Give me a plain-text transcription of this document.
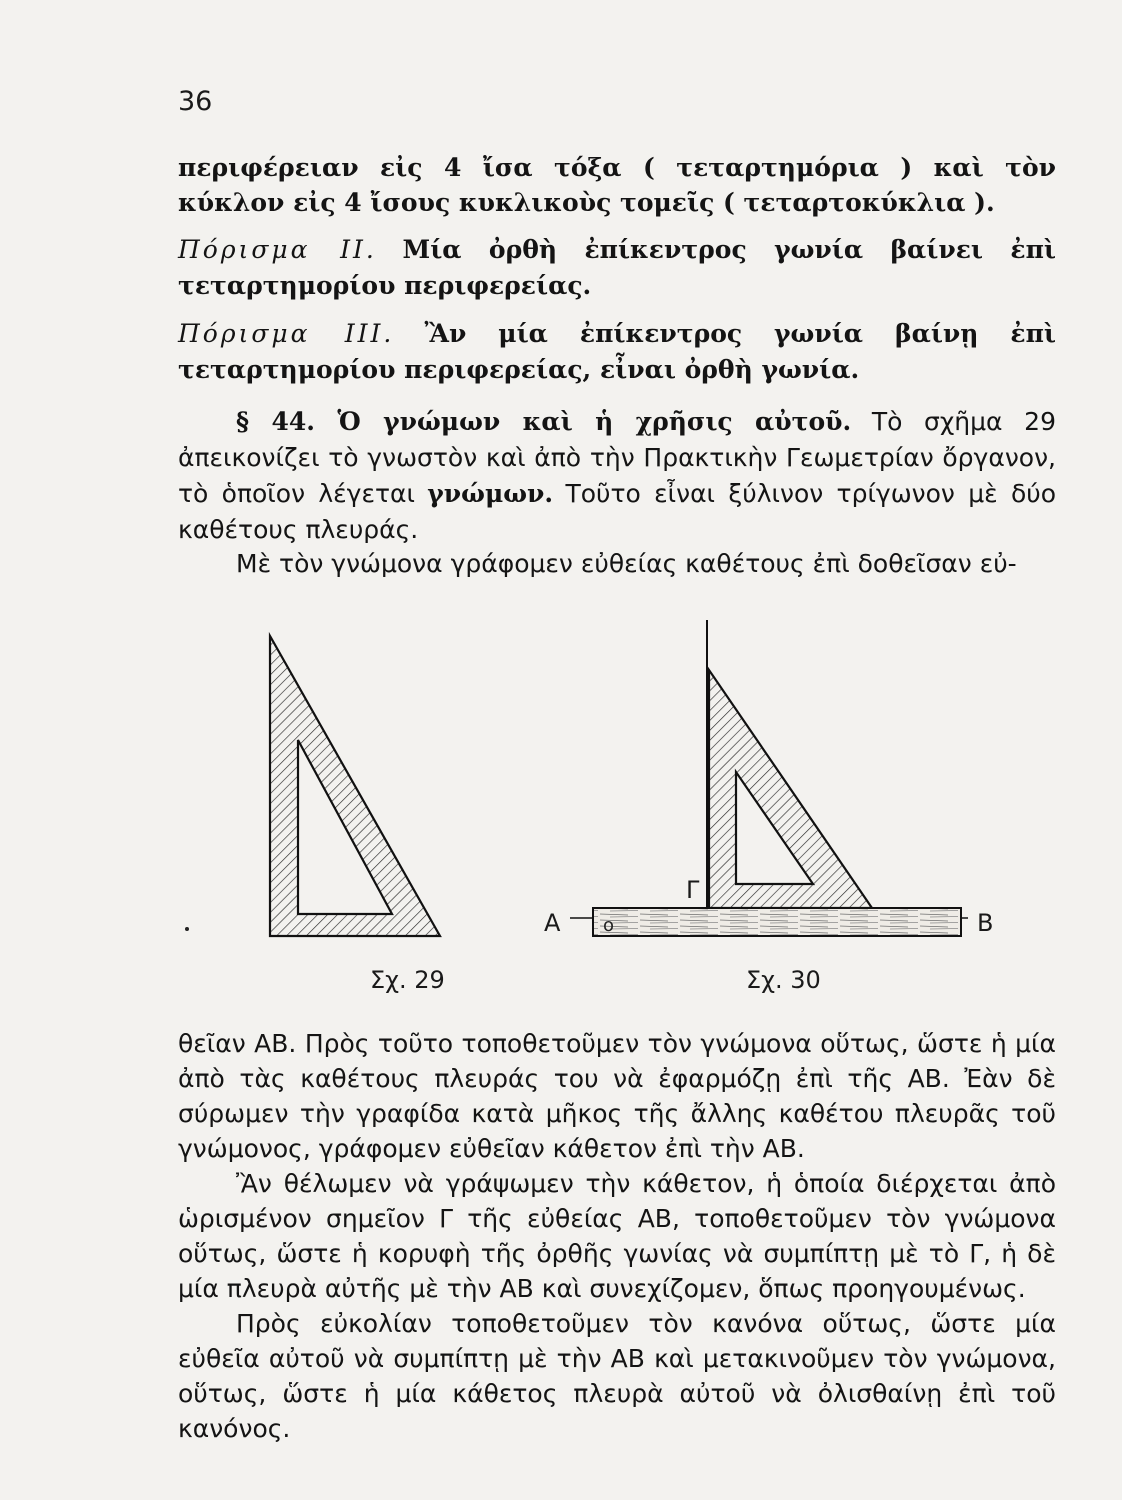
36

περιφέρειαν εἰς 4 ἴσα τόξα ( τεταρτημόρια ) καὶ τὸν κύκλον εἰς 4 ἴσους κυκλικοὺς τομεῖς ( τεταρτοκύκλια ).

Πόρισμα ΙΙ. Μία ὀρθὴ ἐπίκεντρος γωνία βαίνει ἐπὶ τεταρτημορίου περιφερείας.

Πόρισμα ΙΙΙ. Ἂν μία ἐπίκεντρος γωνία βαίνῃ ἐπὶ τεταρτημορίου περιφερείας, εἶναι ὀρθὴ γωνία.

§ 44. Ὁ γνώμων καὶ ἡ χρῆσις αὐτοῦ. Τὸ σχῆμα 29 ἀπεικονίζει τὸ γνωστὸν καὶ ἀπὸ τὴν Πρακτικὴν Γεωμετρίαν ὄργανον, τὸ ὁποῖον λέγεται γνώμων. Τοῦτο εἶναι ξύλινον τρίγωνον μὲ δύο καθέτους πλευράς.

Μὲ τὸν γνώμονα γράφομεν εὐθείας καθέτους ἐπὶ δοθεῖσαν εὐ-

Σχ. 29
o
Α	Β
Γ
Σχ. 30

θεῖαν ΑΒ. Πρὸς τοῦτο τοποθετοῦμεν τὸν γνώμονα οὕτως, ὥστε ἡ μία ἀπὸ τὰς καθέτους πλευράς του νὰ ἐφαρμόζῃ ἐπὶ τῆς ΑΒ. Ἐὰν δὲ σύρωμεν τὴν γραφίδα κατὰ μῆκος τῆς ἄλλης καθέτου πλευρᾶς τοῦ γνώμονος, γράφομεν εὐθεῖαν κάθετον ἐπὶ τὴν ΑΒ.

Ἂν θέλωμεν νὰ γράψωμεν τὴν κάθετον, ἡ ὁποία διέρχεται ἀπὸ ὡρισμένον σημεῖον Γ τῆς εὐθείας ΑΒ, τοποθετοῦμεν τὸν γνώμονα οὕτως, ὥστε ἡ κορυφὴ τῆς ὀρθῆς γωνίας νὰ συμπίπτῃ μὲ τὸ Γ, ἡ δὲ μία πλευρὰ αὐτῆς μὲ τὴν ΑΒ καὶ συνεχίζομεν, ὅπως προηγουμένως.

Πρὸς εὐκολίαν τοποθετοῦμεν τὸν κανόνα οὕτως, ὥστε μία εὐθεῖα αὐτοῦ νὰ συμπίπτῃ μὲ τὴν ΑΒ καὶ μετακινοῦμεν τὸν γνώμονα, οὕτως, ὥστε ἡ μία κάθετος πλευρὰ αὐτοῦ νὰ ὀλισθαίνῃ ἐπὶ τοῦ κανόνος.
